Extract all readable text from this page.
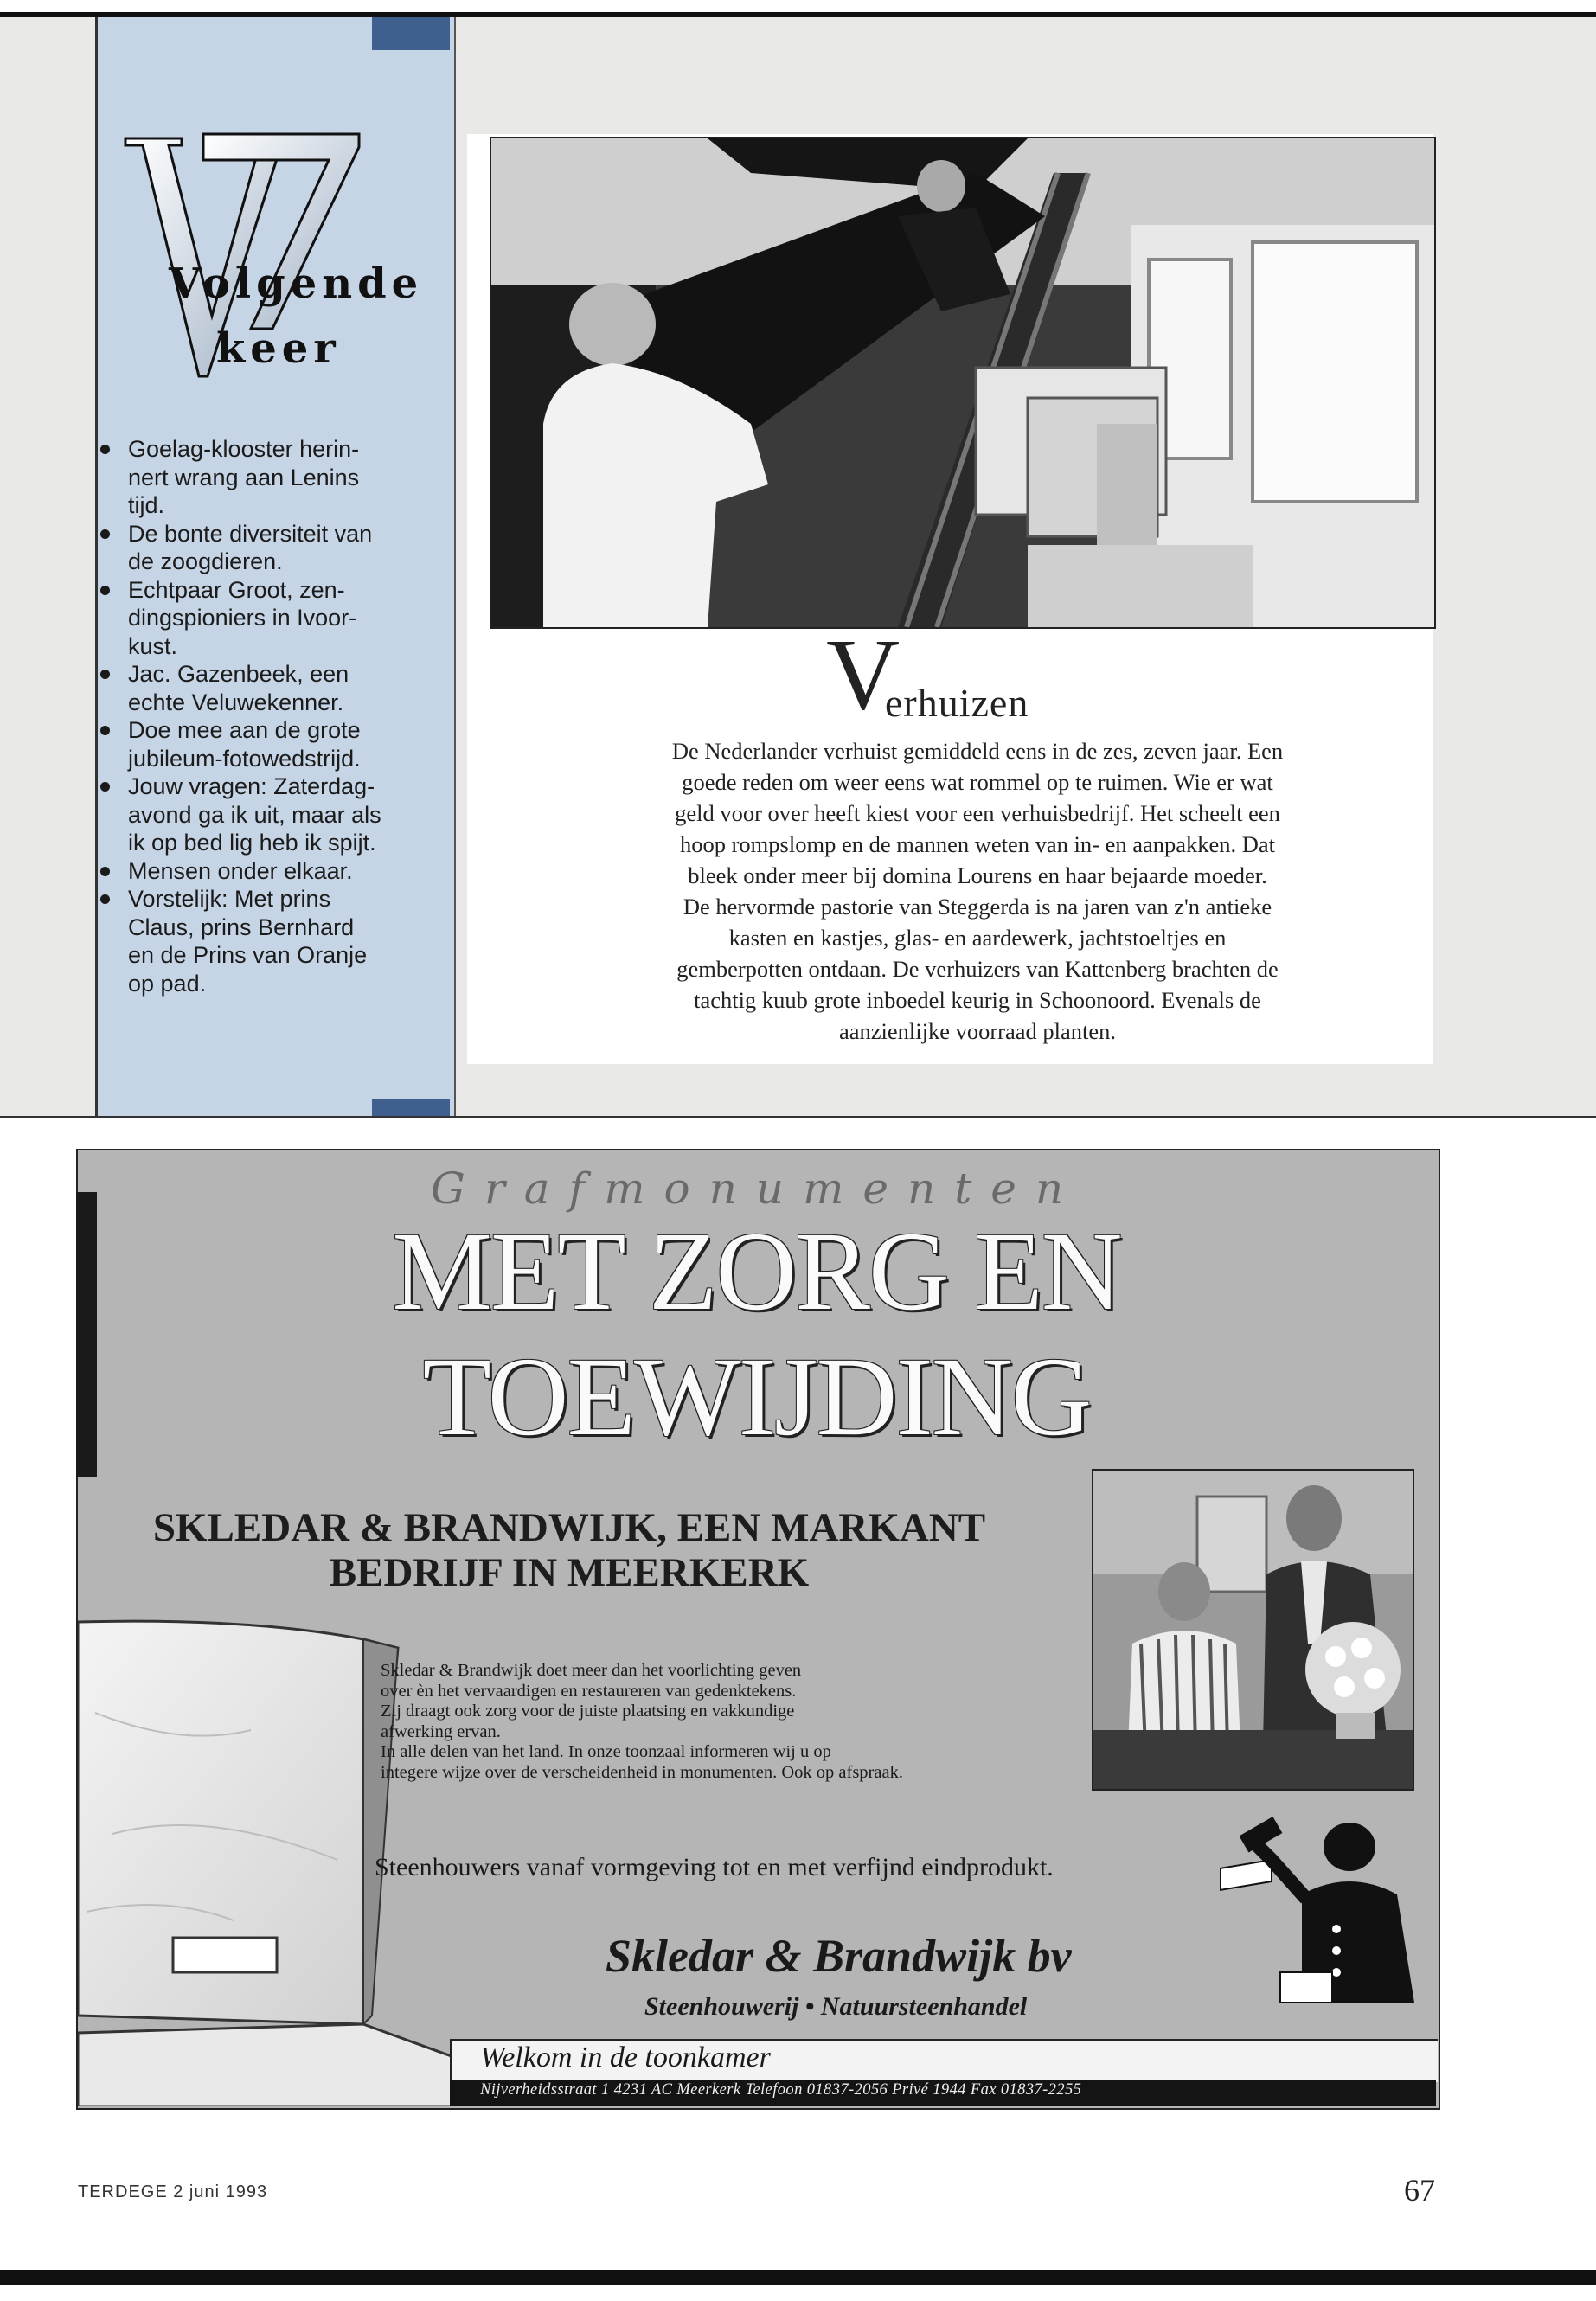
Volgende
keer
Goelag-klooster herin-
nert wrang aan Lenins
tijd.
De bonte diversiteit van
de zoogdieren.
Echtpaar Groot, zen-
dingspioniers in Ivoor-
kust.
Jac. Gazenbeek, een
echte Veluwekenner.
Doe mee aan de grote
jubileum-fotowedstrijd.
Jouw vragen: Zaterdag-
avond ga ik uit, maar als
ik op bed lig heb ik spijt.
Mensen onder elkaar.
Vorstelijk: Met prins
Claus, prins Bernhard
en de Prins van Oranje
op pad.
V
erhuizen
De Nederlander verhuist gemiddeld eens in de zes, zeven jaar. Een
goede reden om weer eens wat rommel op te ruimen. Wie er wat
geld voor over heeft kiest voor een verhuisbedrijf. Het scheelt een
hoop rompslomp en de mannen weten van in- en aanpakken. Dat
bleek onder meer bij domina Lourens en haar bejaarde moeder.
De hervormde pastorie van Steggerda is na jaren van z'n antieke
kasten en kastjes, glas- en aardewerk, jachtstoeltjes en
gemberpotten ontdaan. De verhuizers van Kattenberg brachten de
tachtig kuub grote inboedel keurig in Schoonoord. Evenals de
aanzienlijke voorraad planten.
Grafmonumenten
MET ZORG EN
TOEWIJDING
SKLEDAR & BRANDWIJK, EEN MARKANT
BEDRIJF IN MEERKERK

Skledar & Brandwijk doet meer dan het voorlichting geven

over èn het vervaardigen en restaureren van gedenktekens.

Zij draagt ook zorg voor de juiste plaatsing en vakkundige

afwerking ervan.

In alle delen van het land. In onze toonzaal informeren wij u op

integere wijze over de verscheidenheid in monumenten. Ook op afspraak.

Steenhouwers vanaf vormgeving tot en met verfijnd eindprodukt.
Skledar & Brandwijk bv
Steenhouwerij • Natuursteenhandel
Welkom in de toonkamer
Nijverheidsstraat 1 4231 AC Meerkerk Telefoon 01837-2056 Privé 1944 Fax 01837-2255
TERDEGE 2 juni 1993	67
